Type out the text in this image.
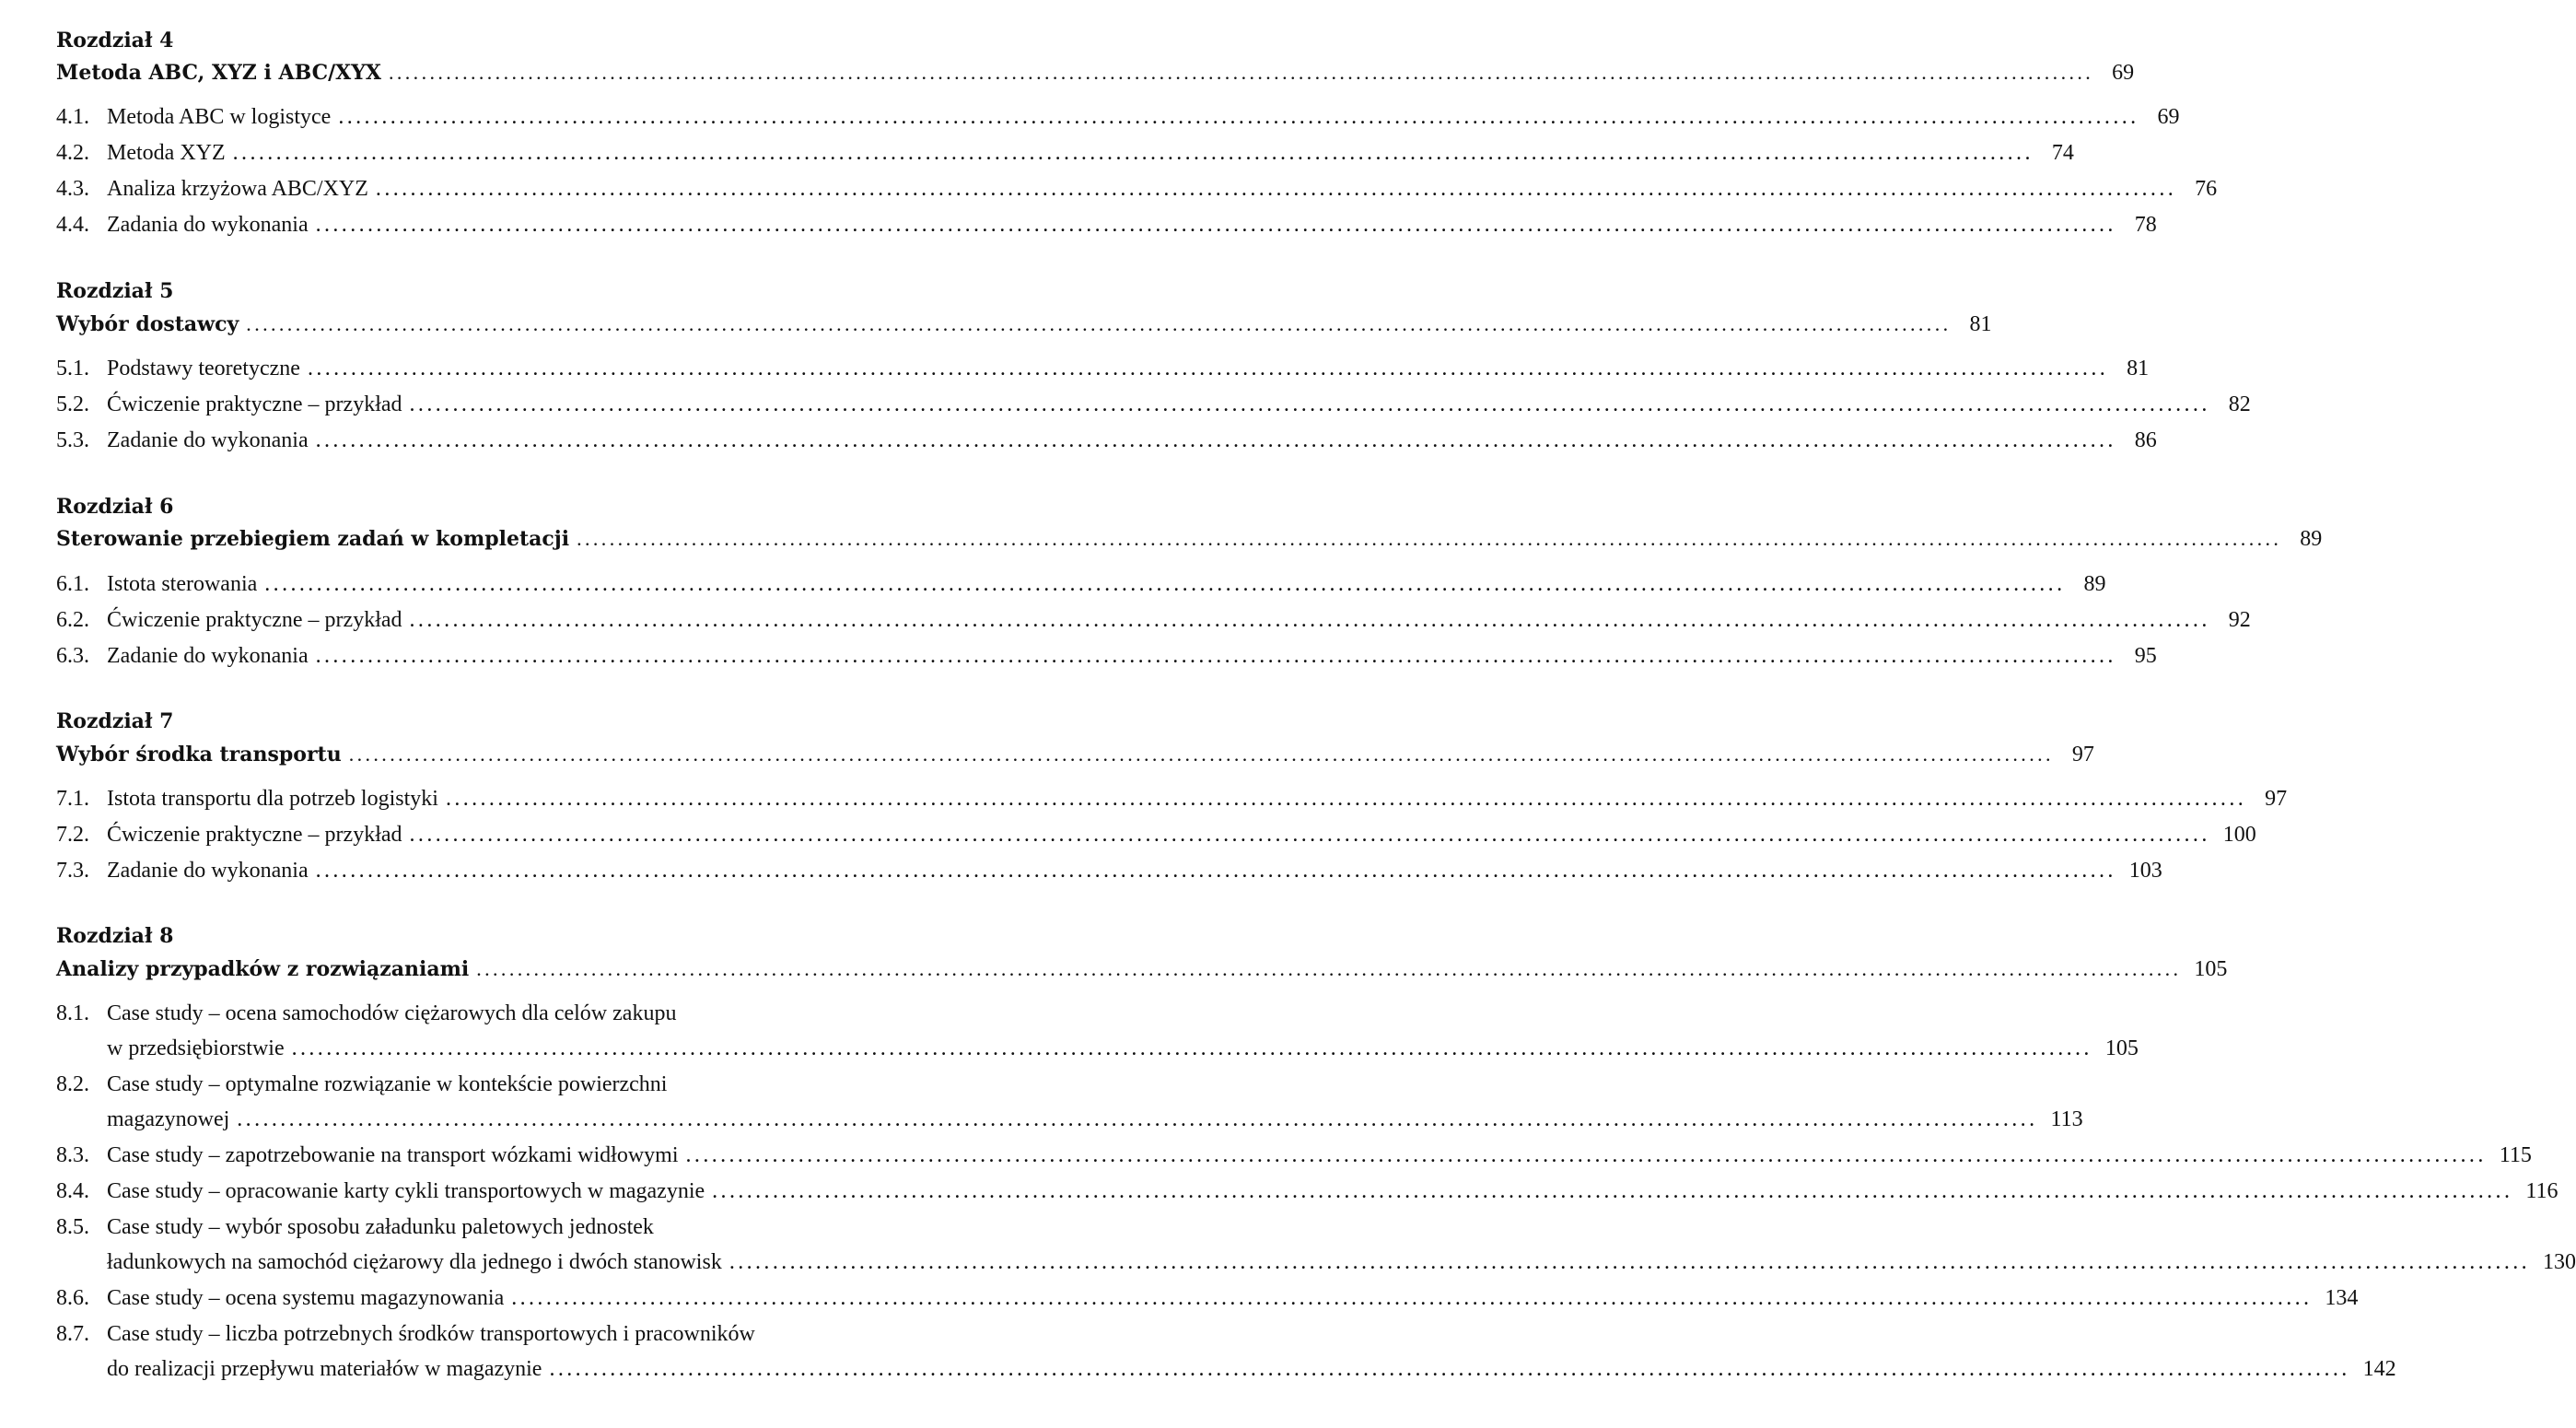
Rozdział 4
Metoda ABC, XYZ i ABC/XYX .....	69
4.1. Metoda ABC w logistyce .....	69
4.2. Metoda XYZ .....	74
4.3. Analiza krzyżowa ABC/XYZ .....	76
4.4. Zadania do wykonania .....	78
Rozdział 5
Wybór dostawcy .....	81
5.1. Podstawy teoretyczne .....	81
5.2. Ćwiczenie praktyczne – przykład .....	82
5.3. Zadanie do wykonania .....	86
Rozdział 6
Sterowanie przebiegiem zadań w kompletacji .....	89
6.1. Istota sterowania .....	89
6.2. Ćwiczenie praktyczne – przykład .....	92
6.3. Zadanie do wykonania .....	95
Rozdział 7
Wybór środka transportu .....	97
7.1. Istota transportu dla potrzeb logistyki .....	97
7.2. Ćwiczenie praktyczne – przykład .....	100
7.3. Zadanie do wykonania .....	103
Rozdział 8
Analizy przypadków z rozwiązaniami .....	105
8.1. Case study – ocena samochodów ciężarowych dla celów zakupu
w przedsiębiorstwie .....	105
8.2. Case study – optymalne rozwiązanie w kontekście powierzchni
magazynowej .....	113
8.3. Case study – zapotrzebowanie na transport wózkami widłowymi .....	115
8.4. Case study – opracowanie karty cykli transportowych w magazynie .....	116
8.5. Case study – wybór sposobu załadunku paletowych jednostek
ładunkowych na samochód ciężarowy dla jednego i dwóch stanowisk .....	130
8.6. Case study – ocena systemu magazynowania .....	134
8.7. Case study – liczba potrzebnych środków transportowych i pracowników
do realizacji przepływu materiałów w magazynie .....	142
